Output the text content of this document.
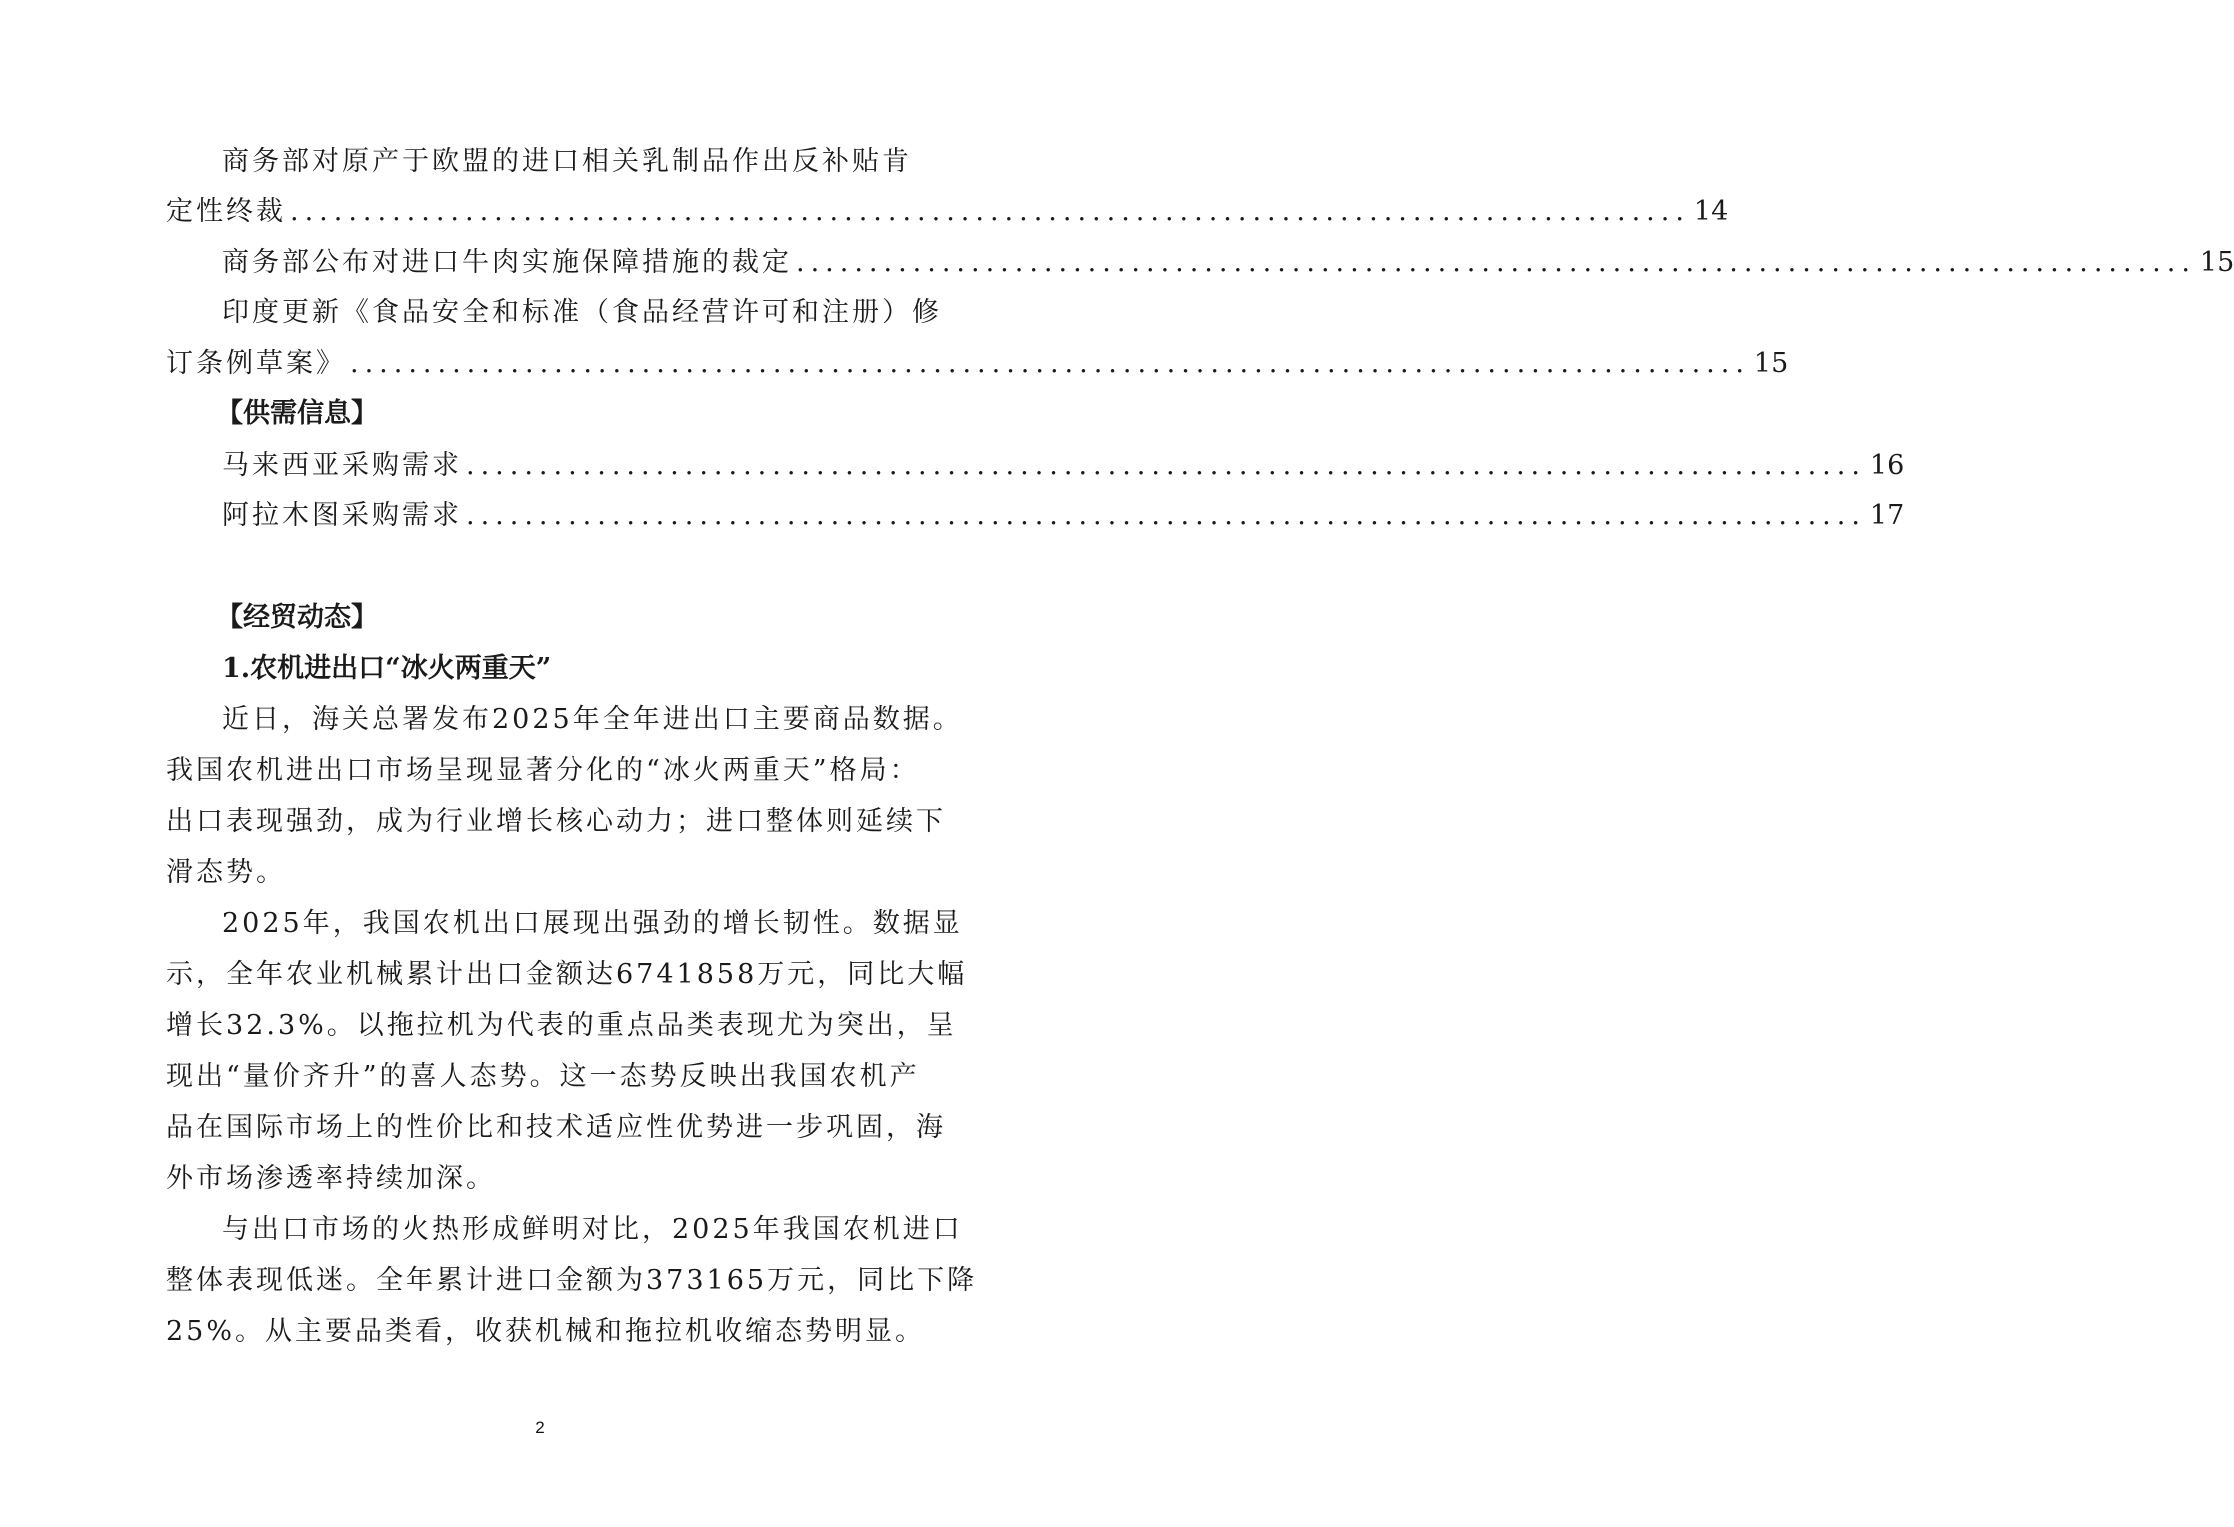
商务部对原产于欧盟的进口相关乳制品作出反补贴肯
定性终裁 ................................................................................................ 14
商务部公布对进口牛肉实施保障措施的裁定 ................................................................................................ 15
印度更新《食品安全和标准（食品经营许可和注册）修
订条例草案》 ................................................................................................ 15
【供需信息】
马来西亚采购需求 ................................................................................................ 16
阿拉木图采购需求 ................................................................................................ 17
【经贸动态】
1.农机进出口“冰火两重天”
近日，海关总署发布2025年全年进出口主要商品数据。
我国农机进出口市场呈现显著分化的“冰火两重天”格局：
出口表现强劲，成为行业增长核心动力；进口整体则延续下
滑态势。
2025年，我国农机出口展现出强劲的增长韧性。数据显
示，全年农业机械累计出口金额达6741858万元，同比大幅
增长32.3%。以拖拉机为代表的重点品类表现尤为突出，呈
现出“量价齐升”的喜人态势。这一态势反映出我国农机产
品在国际市场上的性价比和技术适应性优势进一步巩固，海
外市场渗透率持续加深。
与出口市场的火热形成鲜明对比，2025年我国农机进口
整体表现低迷。全年累计进口金额为373165万元，同比下降
25%。从主要品类看，收获机械和拖拉机收缩态势明显。
2
